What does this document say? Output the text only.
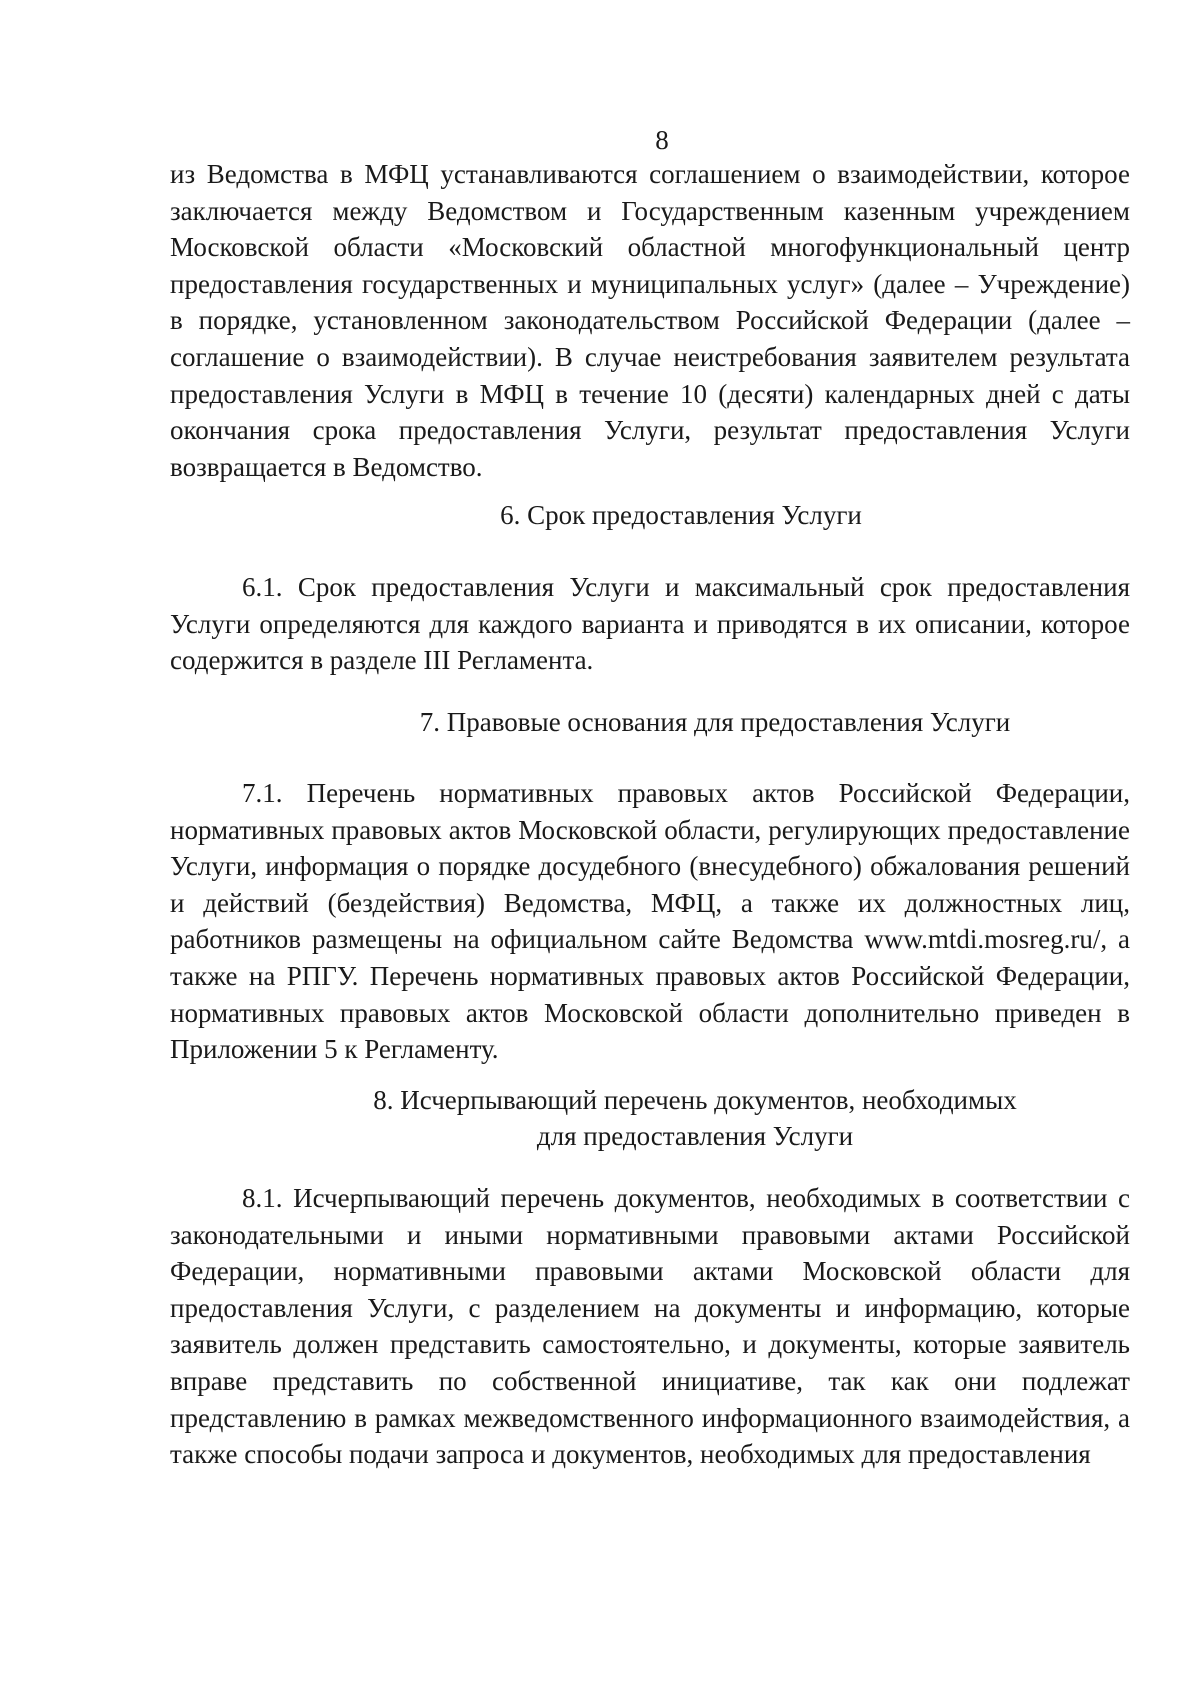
8

из Ведомства в МФЦ устанавливаются соглашением о взаимодействии, которое заключается между Ведомством и Государственным казенным учреждением Московской области «Московский областной многофункциональный центр предоставления государственных и муниципальных услуг» (далее – Учреждение) в порядке, установленном законодательством Российской Федерации (далее – соглашение о взаимодействии). В случае неистребования заявителем результата предоставления Услуги в МФЦ в течение 10 (десяти) календарных дней с даты окончания срока предоставления Услуги, результат предоставления Услуги возвращается в Ведомство.

6. Срок предоставления Услуги

6.1. Срок предоставления Услуги и максимальный срок предоставления Услуги определяются для каждого варианта и приводятся в их описании, которое содержится в разделе III Регламента.

7. Правовые основания для предоставления Услуги

7.1. Перечень нормативных правовых актов Российской Федерации, нормативных правовых актов Московской области, регулирующих предоставление Услуги, информация о порядке досудебного (внесудебного) обжалования решений и действий (бездействия) Ведомства, МФЦ, а также их должностных лиц, работников размещены на официальном сайте Ведомства www.mtdi.mosreg.ru/, а также на РПГУ. Перечень нормативных правовых актов Российской Федерации, нормативных правовых актов Московской области дополнительно приведен в Приложении 5 к Регламенту.

8. Исчерпывающий перечень документов, необходимых
для предоставления Услуги

8.1. Исчерпывающий перечень документов, необходимых в соответствии с законодательными и иными нормативными правовыми актами Российской Федерации, нормативными правовыми актами Московской области для предоставления Услуги, с разделением на документы и информацию, которые заявитель должен представить самостоятельно, и документы, которые заявитель вправе представить по собственной инициативе, так как они подлежат представлению в рамках межведомственного информационного взаимодействия, а также способы подачи запроса и документов, необходимых для предоставления
